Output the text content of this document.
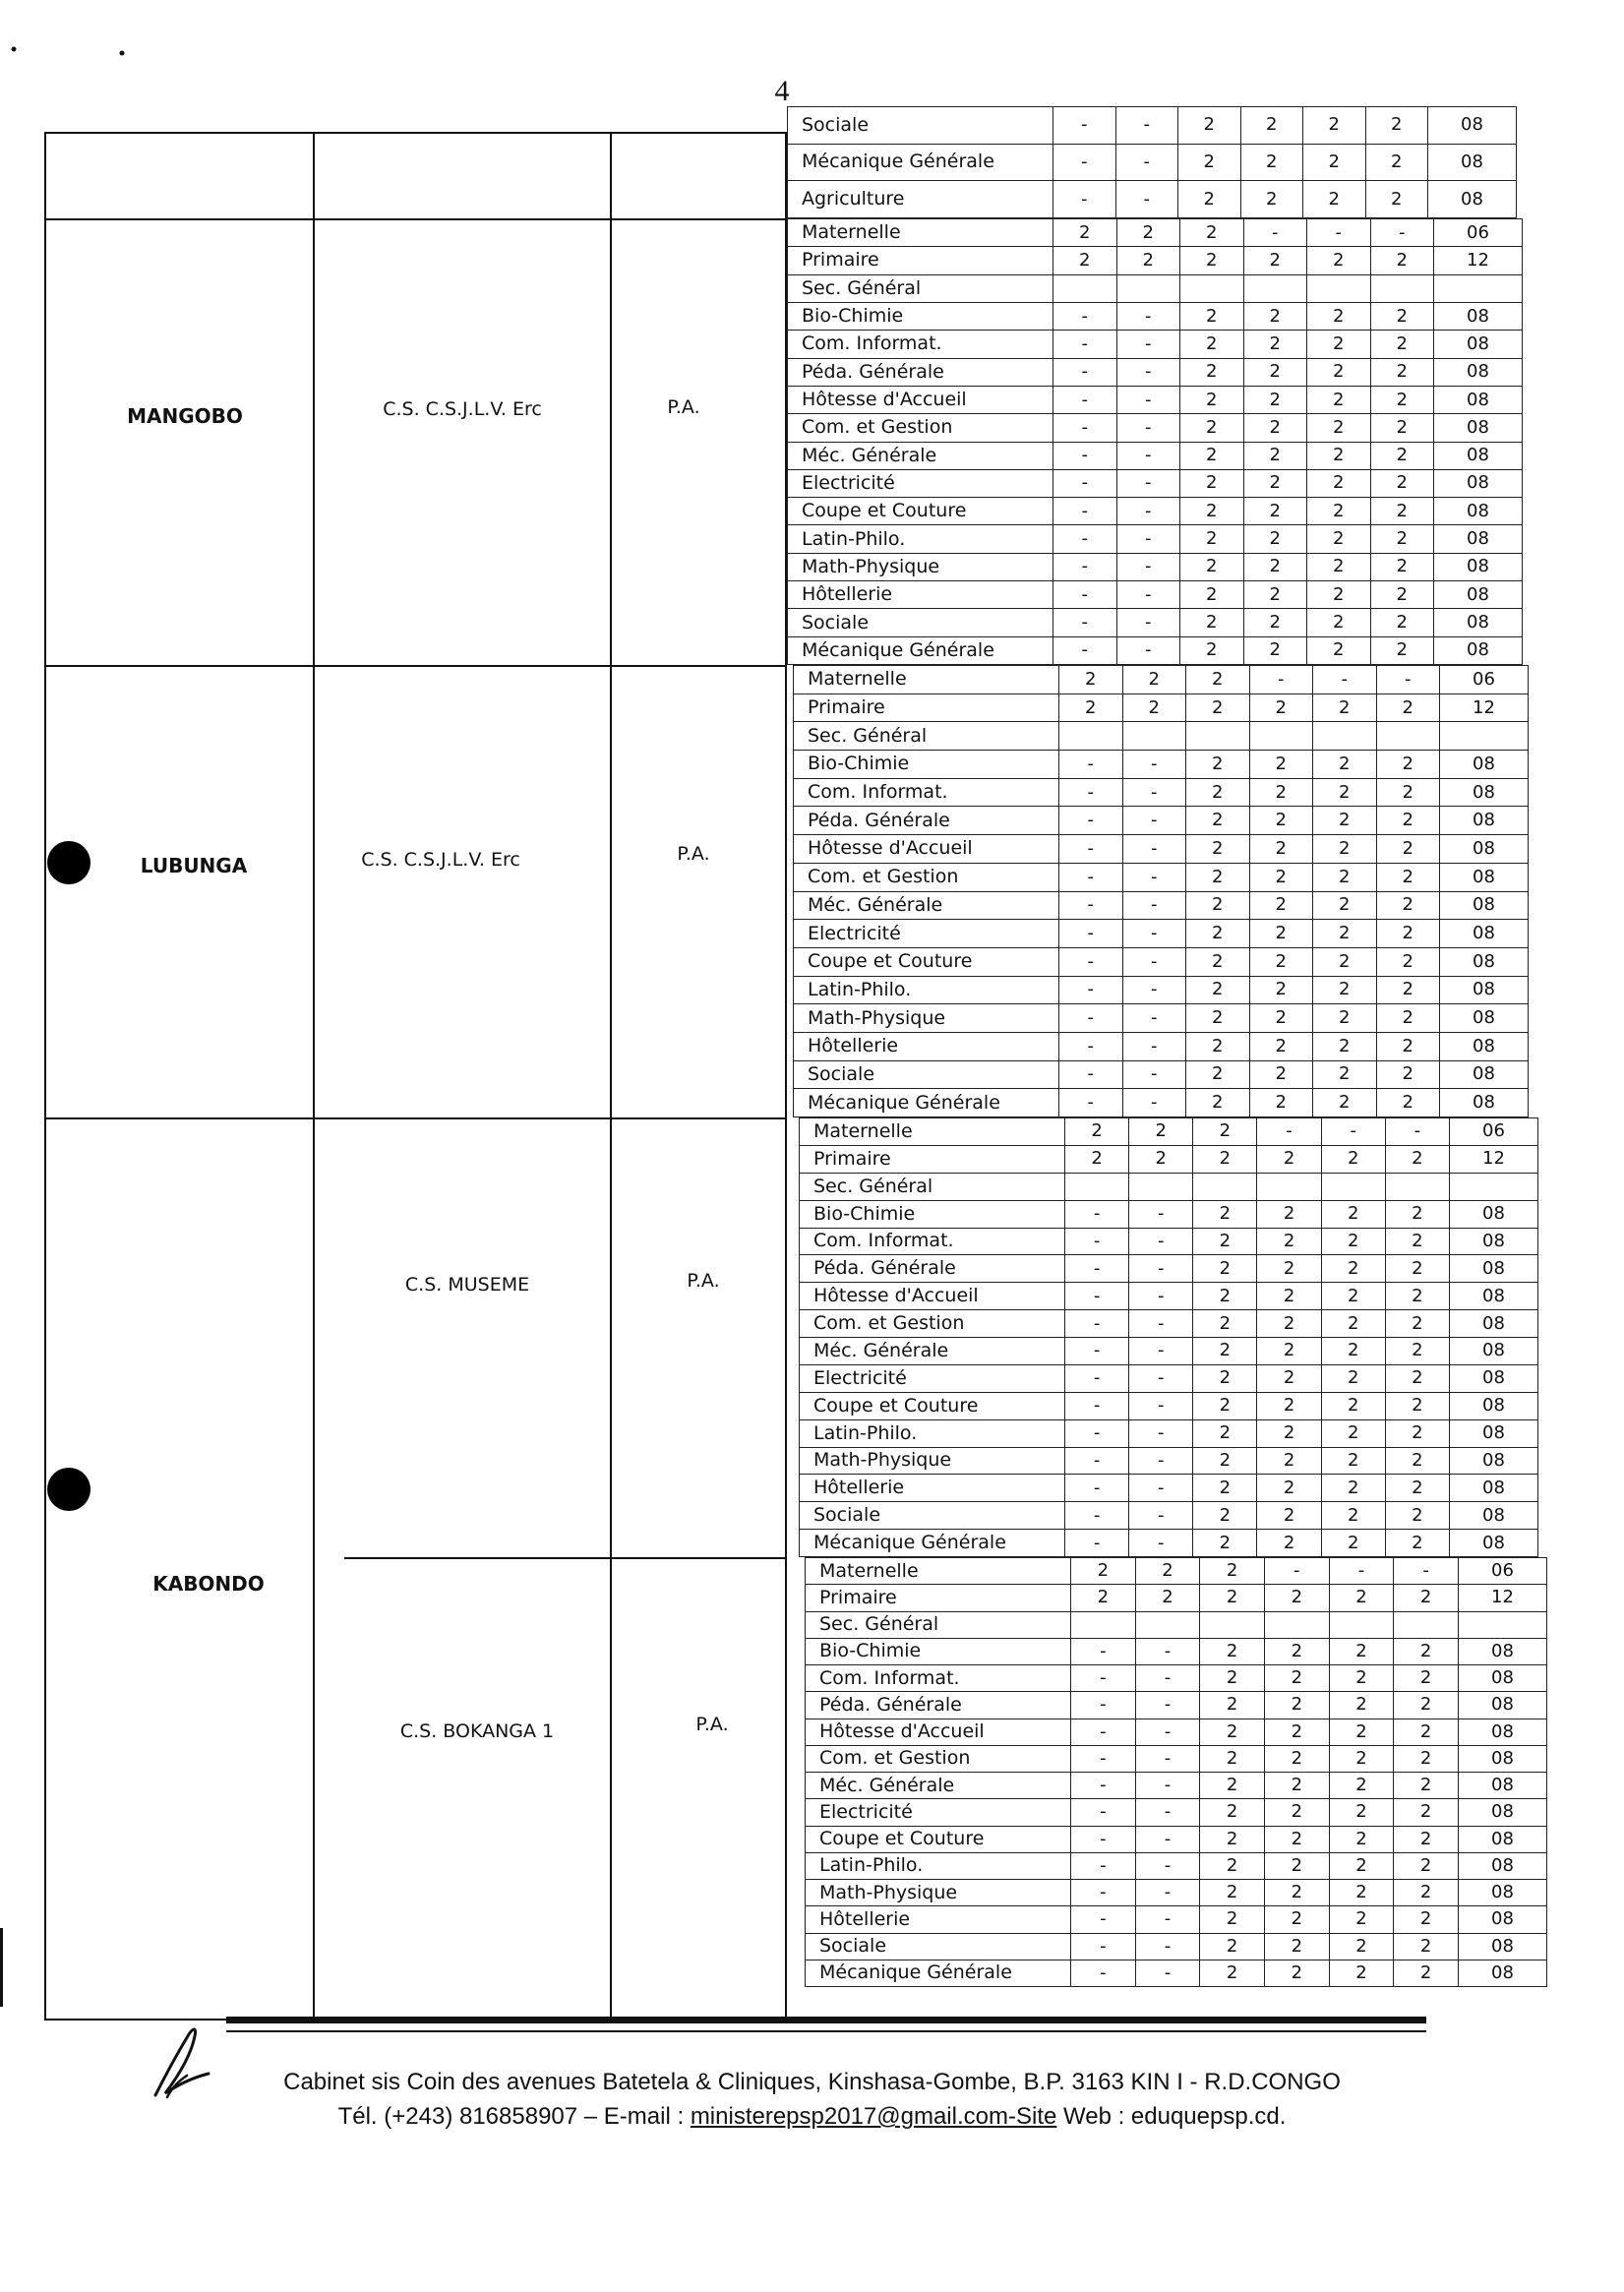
4
MANGOBO	C.S. C.S.J.L.V. Erc	P.A.
LUBUNGA	C.S. C.S.J.L.V. Erc	P.A.
KABONDO
C.S. MUSEME	P.A.
C.S. BOKANGA 1	P.A.
Sociale	-	-	2	2	2	2	08
Mécanique Générale	-	-	2	2	2	2	08
Agriculture	-	-	2	2	2	2	08
Maternelle	2	2	2	-	-	-	06
Primaire	2	2	2	2	2	2	12
Sec. Général							
Bio-Chimie	-	-	2	2	2	2	08
Com. Informat.	-	-	2	2	2	2	08
Péda. Générale	-	-	2	2	2	2	08
Hôtesse d'Accueil	-	-	2	2	2	2	08
Com. et Gestion	-	-	2	2	2	2	08
Méc. Générale	-	-	2	2	2	2	08
Electricité	-	-	2	2	2	2	08
Coupe et Couture	-	-	2	2	2	2	08
Latin-Philo.	-	-	2	2	2	2	08
Math-Physique	-	-	2	2	2	2	08
Hôtellerie	-	-	2	2	2	2	08
Sociale	-	-	2	2	2	2	08
Mécanique Générale	-	-	2	2	2	2	08
Maternelle	2	2	2	-	-	-	06
Primaire	2	2	2	2	2	2	12
Sec. Général							
Bio-Chimie	-	-	2	2	2	2	08
Com. Informat.	-	-	2	2	2	2	08
Péda. Générale	-	-	2	2	2	2	08
Hôtesse d'Accueil	-	-	2	2	2	2	08
Com. et Gestion	-	-	2	2	2	2	08
Méc. Générale	-	-	2	2	2	2	08
Electricité	-	-	2	2	2	2	08
Coupe et Couture	-	-	2	2	2	2	08
Latin-Philo.	-	-	2	2	2	2	08
Math-Physique	-	-	2	2	2	2	08
Hôtellerie	-	-	2	2	2	2	08
Sociale	-	-	2	2	2	2	08
Mécanique Générale	-	-	2	2	2	2	08
Maternelle	2	2	2	-	-	-	06
Primaire	2	2	2	2	2	2	12
Sec. Général							
Bio-Chimie	-	-	2	2	2	2	08
Com. Informat.	-	-	2	2	2	2	08
Péda. Générale	-	-	2	2	2	2	08
Hôtesse d'Accueil	-	-	2	2	2	2	08
Com. et Gestion	-	-	2	2	2	2	08
Méc. Générale	-	-	2	2	2	2	08
Electricité	-	-	2	2	2	2	08
Coupe et Couture	-	-	2	2	2	2	08
Latin-Philo.	-	-	2	2	2	2	08
Math-Physique	-	-	2	2	2	2	08
Hôtellerie	-	-	2	2	2	2	08
Sociale	-	-	2	2	2	2	08
Mécanique Générale	-	-	2	2	2	2	08
Maternelle	2	2	2	-	-	-	06
Primaire	2	2	2	2	2	2	12
Sec. Général							
Bio-Chimie	-	-	2	2	2	2	08
Com. Informat.	-	-	2	2	2	2	08
Péda. Générale	-	-	2	2	2	2	08
Hôtesse d'Accueil	-	-	2	2	2	2	08
Com. et Gestion	-	-	2	2	2	2	08
Méc. Générale	-	-	2	2	2	2	08
Electricité	-	-	2	2	2	2	08
Coupe et Couture	-	-	2	2	2	2	08
Latin-Philo.	-	-	2	2	2	2	08
Math-Physique	-	-	2	2	2	2	08
Hôtellerie	-	-	2	2	2	2	08
Sociale	-	-	2	2	2	2	08
Mécanique Générale	-	-	2	2	2	2	08
Cabinet sis Coin des avenues Batetela & Cliniques, Kinshasa-Gombe, B.P. 3163 KIN I - R.D.CONGO
Tél. (+243) 816858907 – E-mail : ministerepsp2017@gmail.com-Site Web : eduquepsp.cd.
